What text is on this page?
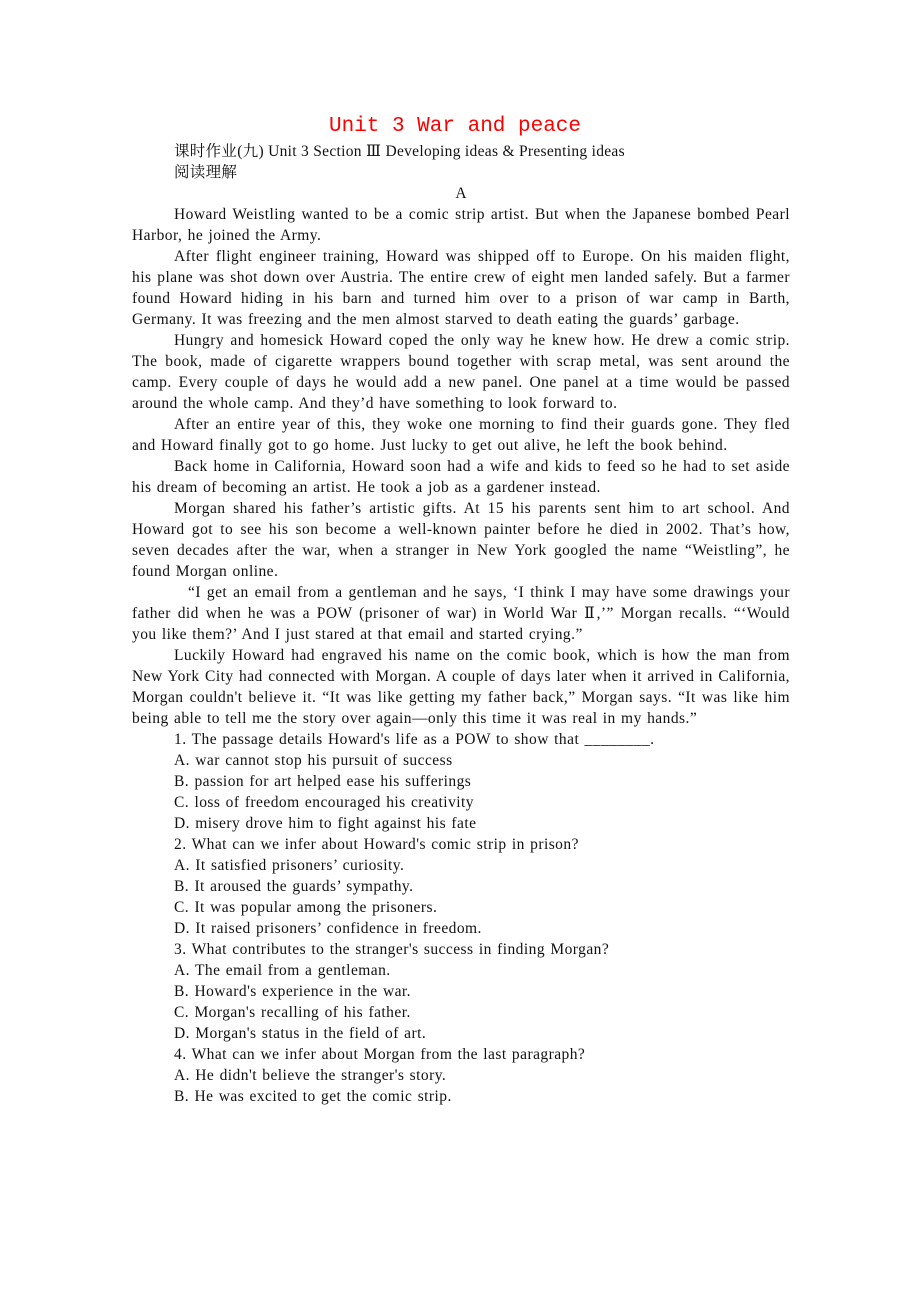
Unit 3 War and peace
课时作业(九) Unit 3 Section Ⅲ Developing ideas & Presenting ideas
阅读理解
A

Howard Weistling wanted to be a comic strip artist. But when the Japanese bombed Pearl Harbor, he joined the Army.

After flight engineer training, Howard was shipped off to Europe. On his maiden flight, his plane was shot down over Austria. The entire crew of eight men landed safely. But a farmer found Howard hiding in his barn and turned him over to a prison of war camp in Barth, Germany. It was freezing and the men almost starved to death eating the guards’ garbage.

Hungry and homesick Howard coped the only way he knew how. He drew a comic strip. The book, made of cigarette wrappers bound together with scrap metal, was sent around the camp. Every couple of days he would add a new panel. One panel at a time would be passed around the whole camp. And they’d have something to look forward to.

After an entire year of this, they woke one morning to find their guards gone. They fled and Howard finally got to go home. Just lucky to get out alive, he left the book behind.

Back home in California, Howard soon had a wife and kids to feed so he had to set aside his dream of becoming an artist. He took a job as a gardener instead.

Morgan shared his father’s artistic gifts. At 15 his parents sent him to art school. And Howard got to see his son become a well-known painter before he died in 2002. That’s how, seven decades after the war, when a stranger in New York googled the name “Weistling”, he found Morgan online.

“I get an email from a gentleman and he says, ‘I think I may have some drawings your father did when he was a POW (prisoner of war) in World War Ⅱ,’” Morgan recalls. “‘Would you like them?’ And I just stared at that email and started crying.”

Luckily Howard had engraved his name on the comic book, which is how the man from New York City had connected with Morgan. A couple of days later when it arrived in California, Morgan couldn't believe it. “It was like getting my father back,” Morgan says. “It was like him being able to tell me the story over again—only this time it was real in my hands.”

1. The passage details Howard's life as a POW to show that ________.
A. war cannot stop his pursuit of success
B. passion for art helped ease his sufferings
C. loss of freedom encouraged his creativity
D. misery drove him to fight against his fate
2. What can we infer about Howard's comic strip in prison?
A. It satisfied prisoners’ curiosity.
B. It aroused the guards’ sympathy.
C. It was popular among the prisoners.
D. It raised prisoners’ confidence in freedom.
3. What contributes to the stranger's success in finding Morgan?
A. The email from a gentleman.
B. Howard's experience in the war.
C. Morgan's recalling of his father.
D. Morgan's status in the field of art.
4. What can we infer about Morgan from the last paragraph?
A. He didn't believe the stranger's story.
B. He was excited to get the comic strip.
